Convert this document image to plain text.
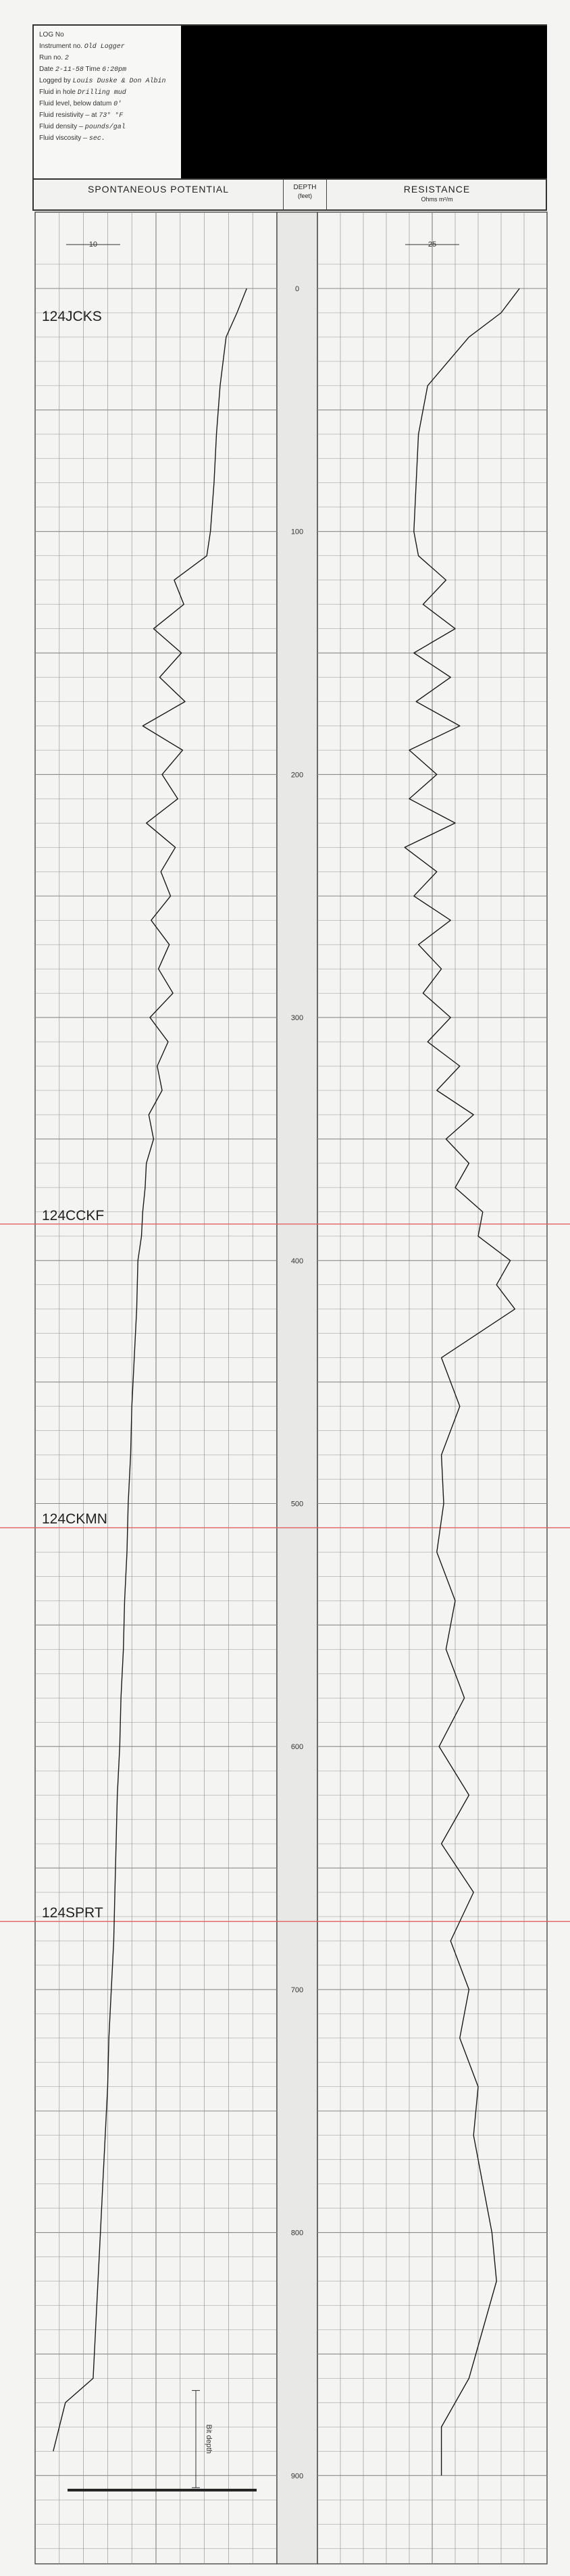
LOG No
Instrument no. Old Logger
Run no. 2
Date 2-11-58 Time 6:20pm
Logged by Louis Duske & Don Albin
Fluid in hole Drilling mud
Fluid level, below datum 0'
Fluid resistivity — at 73° °F
Fluid density — pounds/gal
Fluid viscosity — sec.
SPONTANEOUS POTENTIAL	DEPTH
(feet)
RESISTANCE
Ohms m²/m
0
100
200
300
400
500
600
700
800
900
10	25
Bit depth
124JCKS
124CCKF
124CKMN
124SPRT
